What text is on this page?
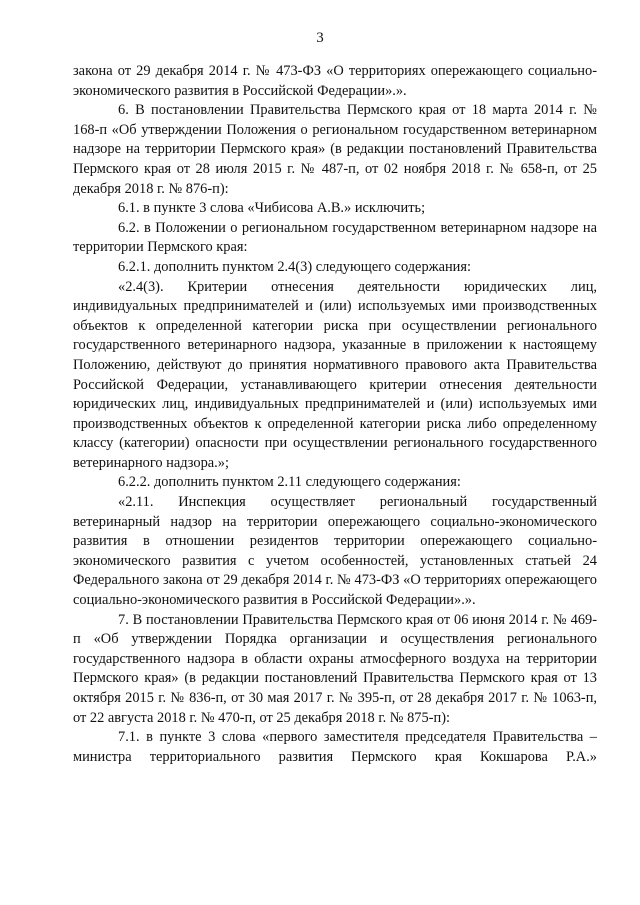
3

закона от 29 декабря 2014 г. № 473-ФЗ «О территориях опережающего социально-экономического развития в Российской Федерации».».

6. В постановлении Правительства Пермского края от 18 марта 2014 г. № 168-п «Об утверждении Положения о региональном государственном ветеринарном надзоре на территории Пермского края» (в редакции постановлений Правительства Пермского края от 28 июля 2015 г. № 487-п, от 02 ноября 2018 г. № 658-п, от 25 декабря 2018 г. № 876-п):

6.1. в пункте 3 слова «Чибисова А.В.» исключить;

6.2. в Положении о региональном государственном ветеринарном надзоре на территории Пермского края:

6.2.1. дополнить пунктом 2.4(3) следующего содержания:

«2.4(3). Критерии отнесения деятельности юридических лиц, индивидуальных предпринимателей и (или) используемых ими производственных объектов к определенной категории риска при осуществлении регионального государственного ветеринарного надзора, указанные в приложении к настоящему Положению, действуют до принятия нормативного правового акта Правительства Российской Федерации, устанавливающего критерии отнесения деятельности юридических лиц, индивидуальных предпринимателей и (или) используемых ими производственных объектов к определенной категории риска либо определенному классу (категории) опасности при осуществлении регионального государственного ветеринарного надзора.»;

6.2.2. дополнить пунктом 2.11 следующего содержания:

«2.11. Инспекция осуществляет региональный государственный ветеринарный надзор на территории опережающего социально-экономического развития в отношении резидентов территории опережающего социально-экономического развития с учетом особенностей, установленных статьей 24 Федерального закона от 29 декабря 2014 г. № 473-ФЗ «О территориях опережающего социально-экономического развития в Российской Федерации».».

7. В постановлении Правительства Пермского края от 06 июня 2014 г. № 469-п «Об утверждении Порядка организации и осуществления регионального государственного надзора в области охраны атмосферного воздуха на территории Пермского края» (в редакции постановлений Правительства Пермского края от 13 октября 2015 г. № 836-п, от 30 мая 2017 г. № 395-п, от 28 декабря 2017 г. № 1063-п, от 22 августа 2018 г. № 470-п, от 25 декабря 2018 г. № 875-п):

7.1. в пункте 3 слова «первого заместителя председателя Правительства – министра территориального развития Пермского края Кокшарова Р.А.»
